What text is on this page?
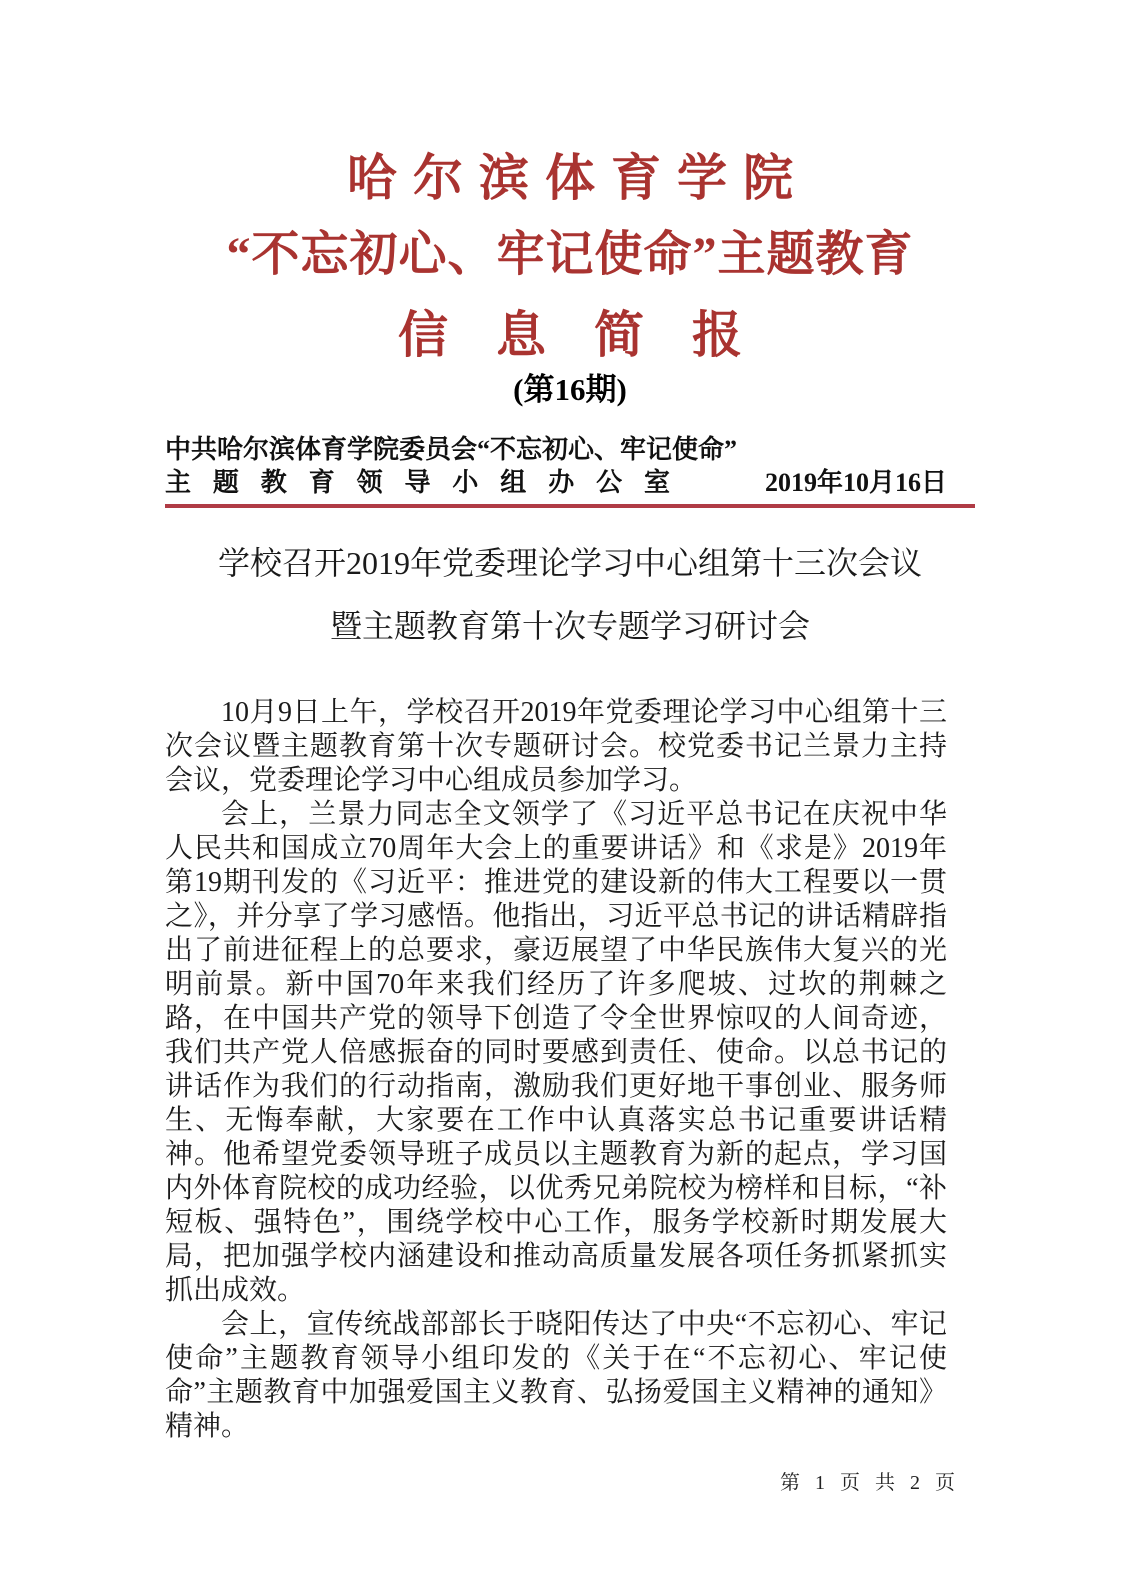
哈尔滨体育学院
“不忘初心、牢记使命”主题教育
信息简报
(第16期)
中共哈尔滨体育学院委员会“不忘初心、牢记使命”
主题教育领导小组办公室	2019年10月16日
学校召开2019年党委理论学习中心组第十三次会议
暨主题教育第十次专题学习研讨会

10月9日上午，学校召开2019年党委理论学习中心组第十三次会议暨主题教育第十次专题研讨会。校党委书记兰景力主持会议，党委理论学习中心组成员参加学习。

会上，兰景力同志全文领学了《习近平总书记在庆祝中华人民共和国成立70周年大会上的重要讲话》和《求是》2019年第19期刊发的《习近平：推进党的建设新的伟大工程要以一贯之》，并分享了学习感悟。他指出，习近平总书记的讲话精辟指出了前进征程上的总要求，豪迈展望了中华民族伟大复兴的光明前景。新中国70年来我们经历了许多爬坡、过坎的荆棘之路，在中国共产党的领导下创造了令全世界惊叹的人间奇迹，我们共产党人倍感振奋的同时要感到责任、使命。以总书记的讲话作为我们的行动指南，激励我们更好地干事创业、服务师生、无悔奉献，大家要在工作中认真落实总书记重要讲话精神。他希望党委领导班子成员以主题教育为新的起点，学习国内外体育院校的成功经验，以优秀兄弟院校为榜样和目标，“补短板、强特色”，围绕学校中心工作，服务学校新时期发展大局，把加强学校内涵建设和推动高质量发展各项任务抓紧抓实抓出成效。

会上，宣传统战部部长于晓阳传达了中央“不忘初心、牢记使命”主题教育领导小组印发的《关于在“不忘初心、牢记使命”主题教育中加强爱国主义教育、弘扬爱国主义精神的通知》精神。

第 1 页 共 2 页
